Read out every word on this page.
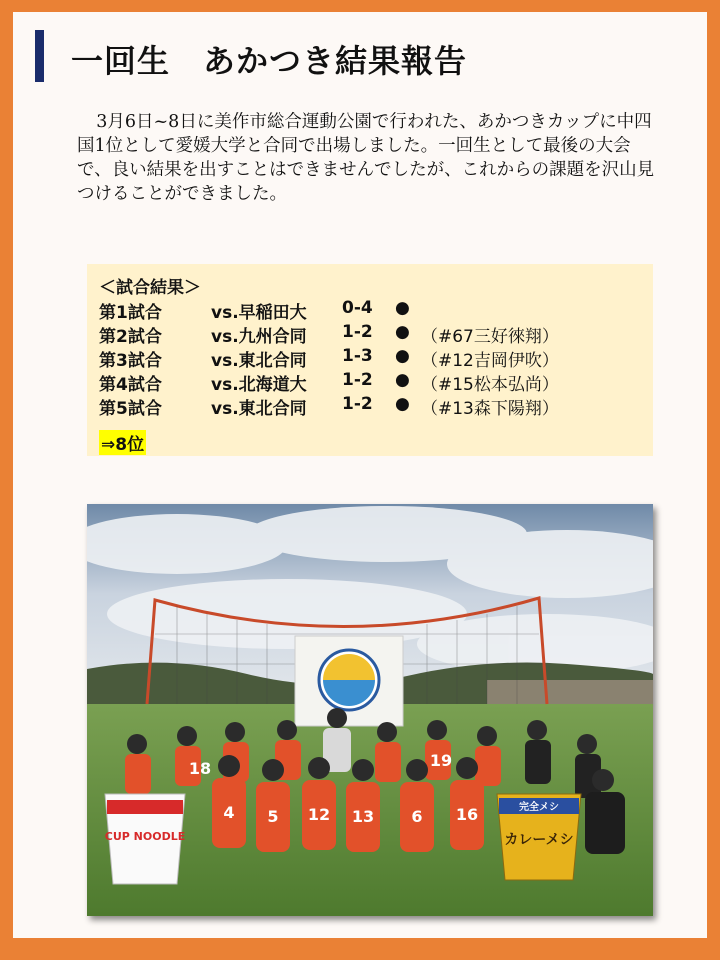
一回生　あかつき結果報告

3月6日~8日に美作市総合運動公園で行われた、あかつきカップに中四国1位として愛媛大学と合同で出場しました。一回生として最後の大会で、良い結果を出すことはできませんでしたが、これからの課題を沢山見つけることができました。

＜試合結果＞
第1試合	vs.早稲田大 0-4 ●
第2試合	vs.九州合同 1-2 ● （#67三好徠翔）
第3試合	vs.東北合同 1-3 ● （#12吉岡伊吹）
第4試合	vs.北海道大 1-2 ● （#15松本弘尚）
第5試合	vs.東北合同 1-2 ● （#13森下陽翔）
⇒8位
4 5 12 13 6 16
18	19
CUP NOODLE
完全メシ
カレーメシ
